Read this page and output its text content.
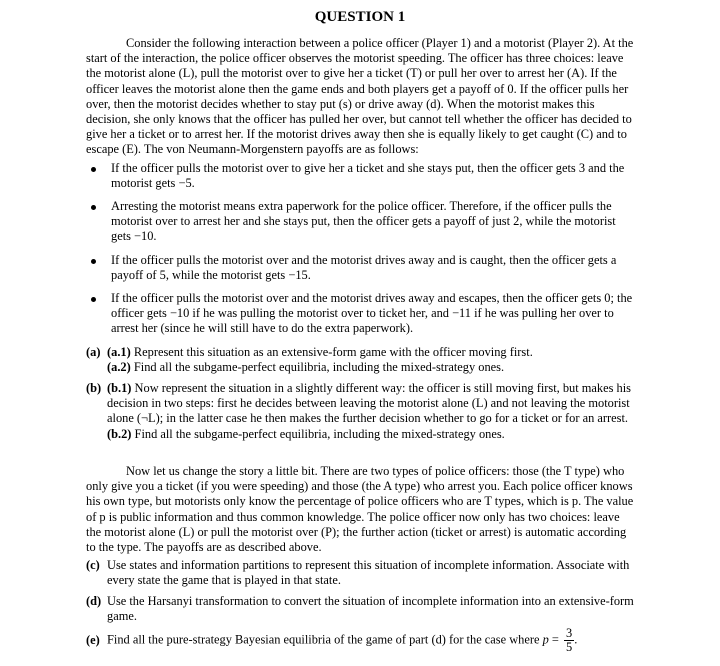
QUESTION 1
Consider the following interaction between a police officer (Player 1) and a motorist (Player 2). At the start of the interaction, the police officer observes the motorist speeding. The officer has three choices: leave the motorist alone (L), pull the motorist over to give her a ticket (T) or pull her over to arrest her (A). If the officer leaves the motorist alone then the game ends and both players get a payoff of 0. If the officer pulls her over, then the motorist decides whether to stay put (s) or drive away (d). When the motorist makes this decision, she only knows that the officer has pulled her over, but cannot tell whether the officer has decided to give her a ticket or to arrest her. If the motorist drives away then she is equally likely to get caught (C) and to escape (E). The von Neumann-Morgenstern payoffs are as follows:
If the officer pulls the motorist over to give her a ticket and she stays put, then the officer gets 3 and the motorist gets −5.
Arresting the motorist means extra paperwork for the police officer. Therefore, if the officer pulls the motorist over to arrest her and she stays put, then the officer gets a payoff of just 2, while the motorist gets −10.
If the officer pulls the motorist over and the motorist drives away and is caught, then the officer gets a payoff of 5, while the motorist gets −15.
If the officer pulls the motorist over and the motorist drives away and escapes, then the officer gets 0; the officer gets −10 if he was pulling the motorist over to ticket her, and −11 if he was pulling her over to arrest her (since he will still have to do the extra paperwork).
(a) (a.1) Represent this situation as an extensive-form game with the officer moving first.
(a.2) Find all the subgame-perfect equilibria, including the mixed-strategy ones.
(b) (b.1) Now represent the situation in a slightly different way: the officer is still moving first, but makes his decision in two steps: first he decides between leaving the motorist alone (L) and not leaving the motorist alone (¬L); in the latter case he then makes the further decision whether to go for a ticket or for an arrest.
(b.2) Find all the subgame-perfect equilibria, including the mixed-strategy ones.
Now let us change the story a little bit. There are two types of police officers: those (the T type) who only give you a ticket (if you were speeding) and those (the A type) who arrest you. Each police officer knows his own type, but motorists only know the percentage of police officers who are T types, which is p. The value of p is public information and thus common knowledge. The police officer now only has two choices: leave the motorist alone (L) or pull the motorist over (P); the further action (ticket or arrest) is automatic according to the type. The payoffs are as described above.
(c) Use states and information partitions to represent this situation of incomplete information. Associate with every state the game that is played in that state.
(d) Use the Harsanyi transformation to convert the situation of incomplete information into an extensive-form game.
(e) Find all the pure-strategy Bayesian equilibria of the game of part (d) for the case where $p = \frac{3}{5}$ .
